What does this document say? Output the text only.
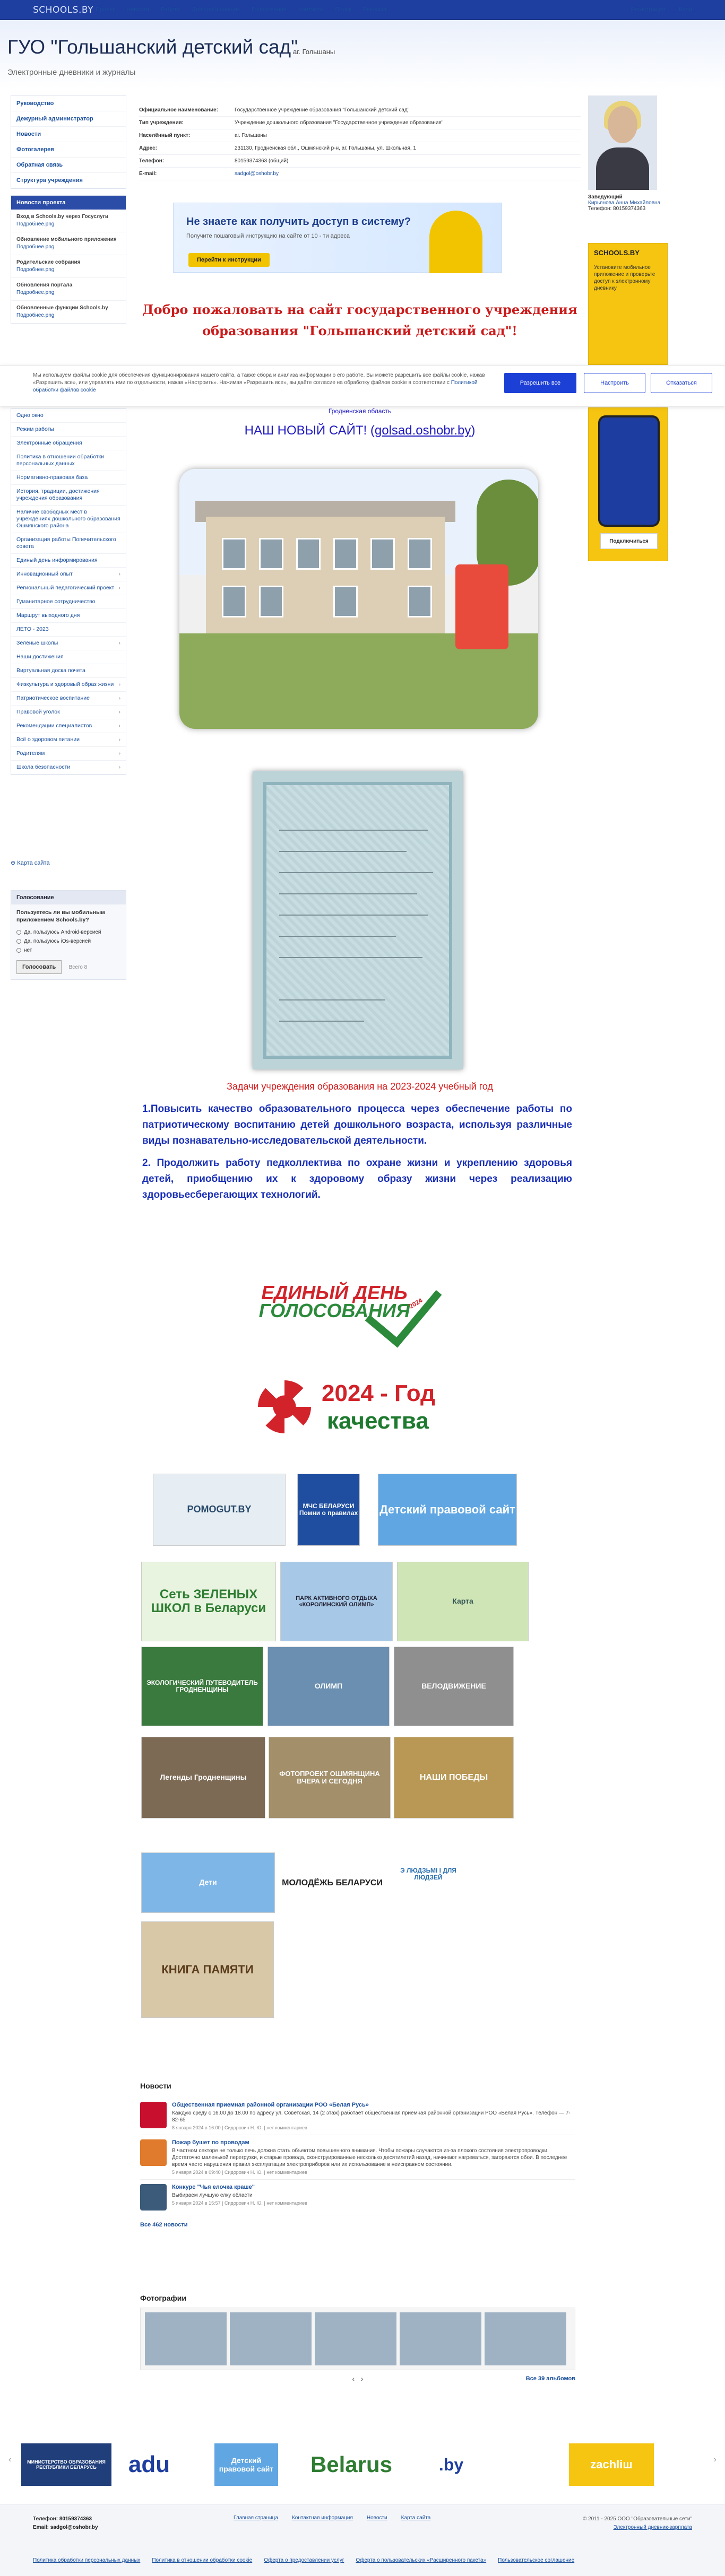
SCHOOLS.BY Проект Новости Работа Для сообщающих Голосование Контакты Поиск Рекламa	Регистрация Вход
ГУО "Гольшанский детский сад"
аг. Гольшаны
Электронные дневники и журналы
Руководство
Дежурный администратор
Новости
Фотогалерея
Обратная связь
Структура учреждения
Новости проекта
Вход в Schools.by через Госуслуги
Подробнее.png
Обновление мобильного приложения
Подробнее.png
Родительские собрания
Подробнее.png
Обновления портала
Подробнее.png
Обновленные функции Schools.by
Подробнее.png
Одно окно
Режим работы
Электронные обращения
Политика в отношении обработки персональных данных
Нормативно-правовая база
История, традиции, достижения учреждения образования
Наличие свободных мест в учреждениях дошкольного образования Ошмянского района
Организация работы Попечительского совета
Единый день информирования
Инновационный опыт	›
Региональный педагогический проект ›
Гуманитарное сотрудничество
Маршрут выходного дня
ЛЕТО - 2023
Зелёные школы	›
Наши достижения
Виртуальная доска почета
Физкультура и здоровый образ жизни ›
Патриотическое воспитание	›
Правовой уголок	›
Рекомендации специалистов	›
Всё о здоровом питании	›
Родителям	›
Школа безопасности	›
⊕ Карта сайта
Голосование
Пользуетесь ли вы мобильным приложением Schools.by?
Да, пользуюсь Android-версией
Да, пользуюсь iOs-версией
нет
Голосовать Всего 8
Официальное наименование:	Государственное учреждение образования "Гольшанский детский сад"
Тип учреждения:	Учреждение дошкольного образования "Государственное учреждение образования"
Населённый пункт:	аг. Гольшаны
Адрес:	231130, Гродненская обл., Ошмянский р-н, аг. Гольшаны, ул. Школьная, 1
Телефон:	80159374363 (общий)
E-mail:	sadgol@oshobr.by
Заведующий
Кирьянова Анна Михайловна
Телефон: 80159374363
Не знаете как получить доступ в систему?
Получите пошаговый инструкцию на сайте от 10 - ти адреса
Перейти к инструкции
Добро пожаловать на сайт государственного учреждения образования "Гольшанский детский сад"!
SCHOOLS.BY
Установите мобильное приложение и проверьте доступ к электронному дневнику
Подключиться
Мы используем файлы cookie для обеспечения функционирования нашего сайта, а также сбора и анализа информации о его работе. Вы можете разрешить все файлы cookie, нажав «Разрешить все», или управлять ими по отдельности, нажав «Настроить». Нажимая «Разрешить все», вы даёте согласие на обработку файлов cookie в соответствии с Политикой обработки файлов cookie
Разрешить все	Настроить	Отказаться
Гродненская область
НАШ НОВЫЙ САЙТ! (golsad.oshobr.by)
Задачи учреждения образования на 2023-2024 учебный год

1.Повысить качество образовательного процесса через обеспечение работы по патриотическому воспитанию детей дошкольного возраста, используя различные виды познавательно-исследовательской деятельности.

2. Продолжить работу педколлектива по охране жизни и укреплению здоровья детей, приобщению их к здоровому образу жизни через реализацию здоровьесберегающих технологий.

ЕДИНЫЙ ДЕНЬ
ГОЛОСОВАНИЯ
2024
2024 - Год
качества
POMOGUT.BY	МЧС БЕЛАРУСИ Помни о правилах Детский правовой сайт
Сеть ЗЕЛЕНЫХ ШКОЛ в Беларуси
ПАРК АКТИВНОГО ОТДЫХА «КОРОЛИНСКИЙ ОЛИМП»	Карта
ЭКОЛОГИЧЕСКИЙ ПУТЕВОДИТЕЛЬ ГРОДНЕНЩИНЫ	ОЛИМП	ВЕЛОДВИЖЕНИЕ
Легенды Гродненщины	ФОТОПРОЕКТ ОШМЯНЩИНА ВЧЕРА И СЕГОДНЯ	НАШИ ПОБЕДЫ
Дети	МОЛОДЁЖЬ БЕЛАРУСИ
Э ЛЮДЗЬМІ І ДЛЯ ЛЮДЗЕЙ
КНИГА ПАМЯТИ
Новости
Общественная приемная районной организации РОО «Белая Русь»
Каждую среду с 16.00 до 18.00 по адресу ул. Советская, 14 (2 этаж) работает общественная приемная районной организации РОО «Белая Русь». Телефон — 7-82-65
8 января 2024 в 16:00 | Сидорович Н. Ю. | нет комментариев
Пожар бушет по проводам
В частном секторе не только печь должна стать объектом повышенного внимания. Чтобы пожары случаются из-за плохого состояния электропроводки. Достаточно маленькой перегрузки, и старые провода, сконструированные несколько десятилетий назад, начинают нагреваться, загораются обои. В последнее время часто нарушения правил эксплуатации электроприборов или их использование в неисправном состоянии.
5 января 2024 в 09:40 | Сидорович Н. Ю. | нет комментариев
Конкурс "Чья елочка краше"
Выбираем лучшую елку области
5 января 2024 в 15:57 | Сидорович Н. Ю. | нет комментариев
Все 462 новости
Фотографии
‹ ›	Все 39 альбомов
МИНИСТЕРСТВО ОБРАЗОВАНИЯ РЕСПУБЛИКИ БЕЛАРУСЬ	adu	Детский правовой сайт	Belarus	.by	zachliш
‹	›
Телефон: 80159374363
Email: sadgol@oshobr.by
Главная страница	Контактная информация	Новости	Карта сайта	© 2011 - 2025 ООО "Образовательные сети"
Электронный дневник-зарплата
Политика обработки персональных данных Политика в отношении обработки cookie Оферта о предоставлении услуг Оферта о пользовательских «Расширенного пакета» Пользовательское соглашение
